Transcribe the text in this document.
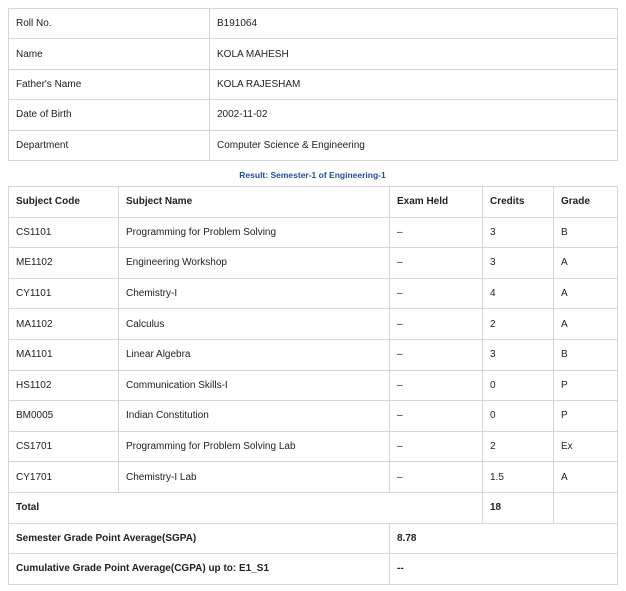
Roll No.	B191064
Name	KOLA MAHESH
Father's Name	KOLA RAJESHAM
Date of Birth	2002-11-02
Department	Computer Science & Engineering
Result: Semester-1 of Engineering-1
Subject Code	Subject Name	Exam Held	Credits	Grade
CS1101	Programming for Problem Solving	–	3	B
ME1102	Engineering Workshop	–	3	A
CY1101	Chemistry-I	–	4	A
MA1102	Calculus	–	2	A
MA1101	Linear Algebra	–	3	B
HS1102	Communication Skills-I	–	0	P
BM0005	Indian Constitution	–	0	P
CS1701	Programming for Problem Solving Lab	–	2	Ex
CY1701	Chemistry-I Lab	–	1.5	A
Total			18	
Semester Grade Point Average(SGPA)		8.78		
Cumulative Grade Point Average(CGPA) up to: E1_S1		--		
